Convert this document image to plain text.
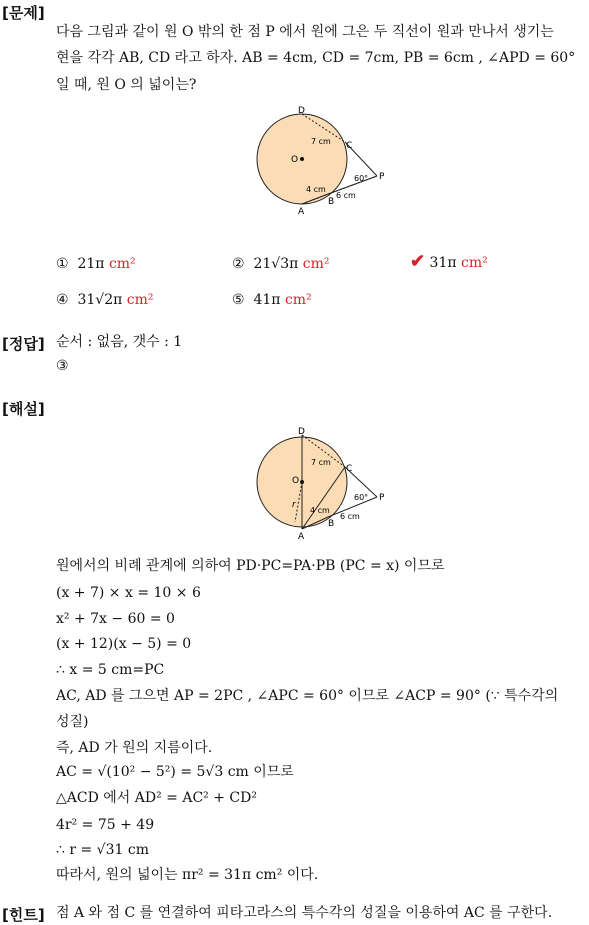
[문제]
다음 그림과 같이 원 O 밖의 한 점 P 에서 원에 그은 두 직선이 원과 만나서 생기는
현을 각각 AB, CD 라고 하자. AB = 4cm, CD = 7cm, PB = 6cm , ∠APD = 60°
일 때, 원 O 의 넓이는?
D
C
O
P
A
B
7 cm
4 cm
6 cm
60°
① 21π cm²	② 21√3π cm²	✔ 31π cm²
④ 31√2π cm²	⑤ 41π cm²
[정답] 순서 : 없음, 갯수 : 1
③
[해설]
D
C
O
r
P
A
B
7 cm
4 cm
6 cm
60°
원에서의 비례 관계에 의하여 PD·PC=PA·PB (PC = x) 이므로
(x + 7) × x = 10 × 6
x² + 7x − 60 = 0
(x + 12)(x − 5) = 0
∴ x = 5 cm=PC
AC, AD 를 그으면 AP = 2PC , ∠APC = 60° 이므로 ∠ACP = 90° (∵ 특수각의
성질)
즉, AD 가 원의 지름이다.
AC = √(10² − 5²) = 5√3 cm 이므로
△ACD 에서 AD² = AC² + CD²
4r² = 75 + 49
∴ r = √31 cm
따라서, 원의 넓이는 πr² = 31π cm² 이다.
[힌트] 점 A 와 점 C 를 연결하여 피타고라스의 특수각의 성질을 이용하여 AC 를 구한다.
